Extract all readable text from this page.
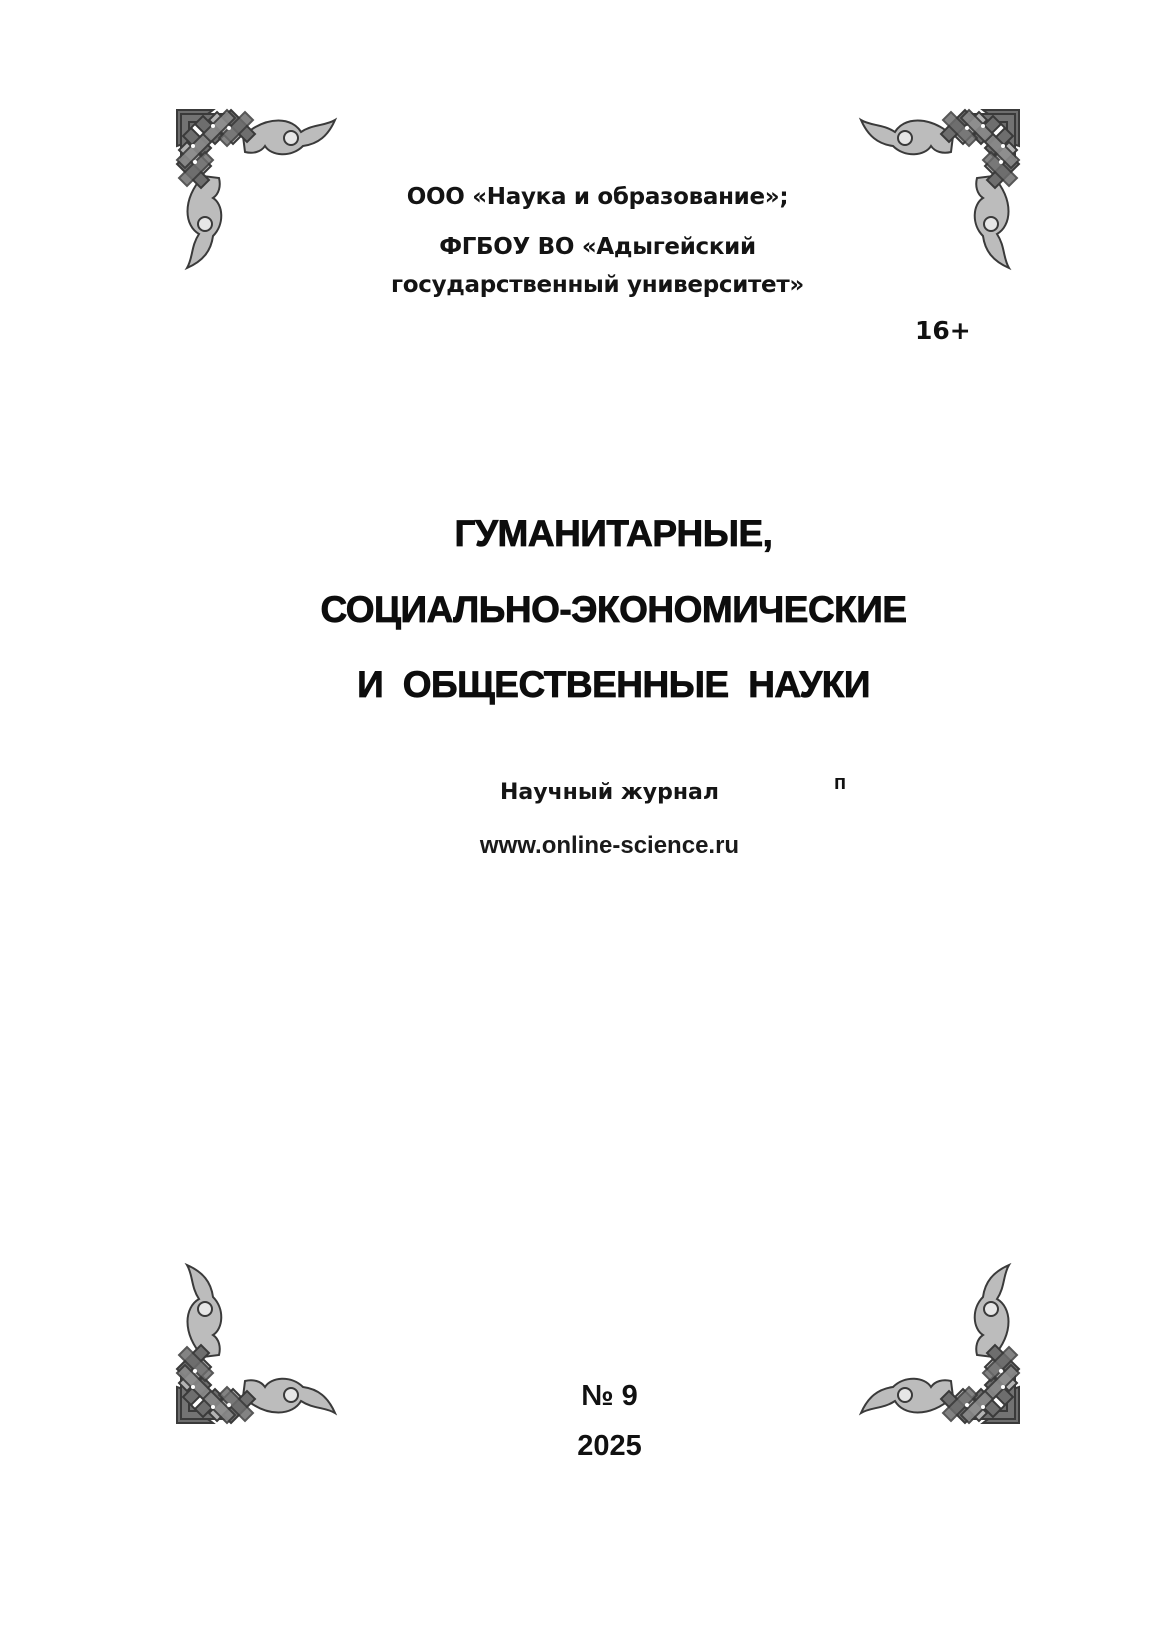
ООО «Наука и образование»;
ФГБОУ ВО «Адыгейский
государственный университет»
16+
ГУМАНИТАРНЫЕ,
СОЦИАЛЬНО-ЭКОНОМИЧЕСКИЕ
И  ОБЩЕСТВЕННЫЕ  НАУКИ
Научный журнал	п
www.online-science.ru
№ 9
2025
